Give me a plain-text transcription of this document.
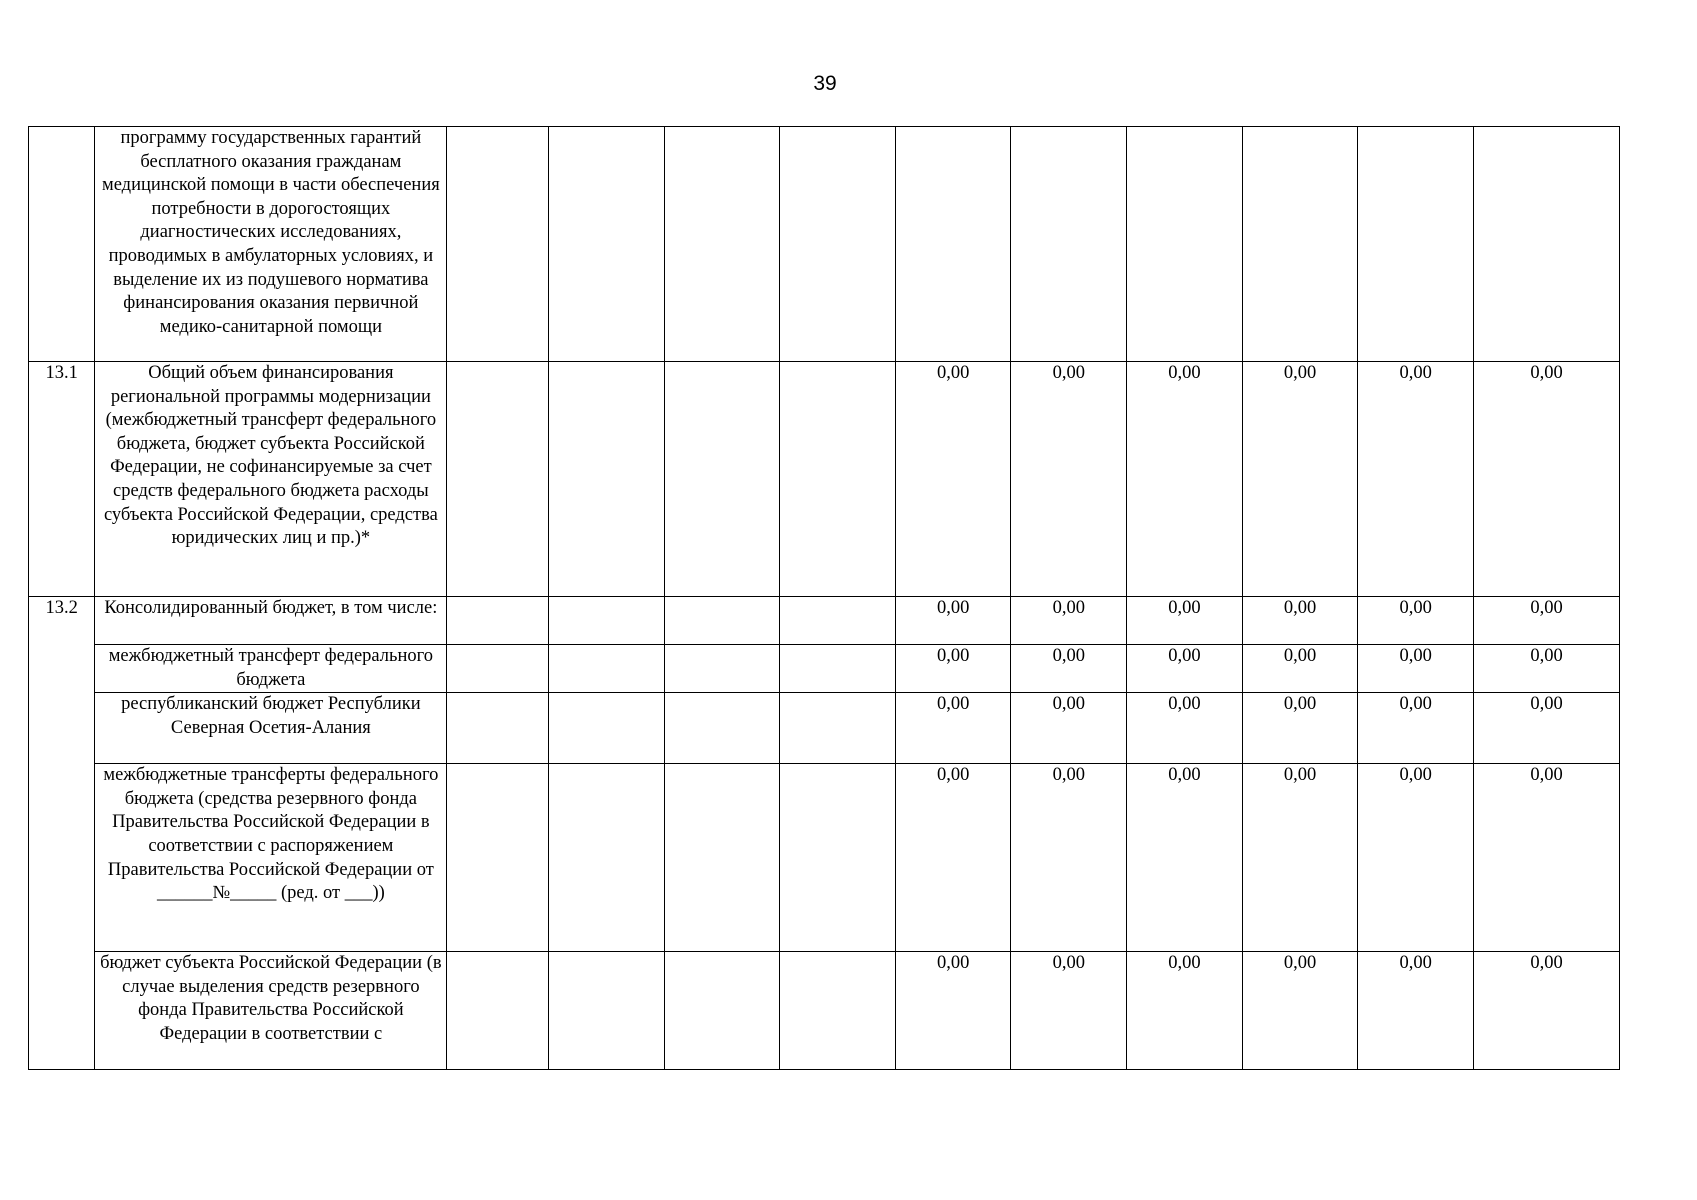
39
	программу государственных гарантий бесплатного оказания гражданам медицинской помощи в части обеспечения потребности в дорогостоящих диагностических исследованиях, проводимых в амбулаторных условиях, и выделение их из подушевого норматива финансирования оказания первичной медико-санитарной помощи										
13.1	Общий объем финансирования региональной программы модернизации (межбюджетный трансферт федерального бюджета, бюджет субъекта Российской Федерации, не софинансируемые за счет средств федерального бюджета расходы субъекта Российской Федерации, средства юридических лиц и пр.)*					0,00	0,00	0,00	0,00	0,00	0,00
13.2	Консолидированный бюджет, в том числе:					0,00	0,00	0,00	0,00	0,00	0,00
	межбюджетный трансферт федерального бюджета					0,00	0,00	0,00	0,00	0,00	0,00
	республиканский бюджет Республики Северная Осетия-Алания					0,00	0,00	0,00	0,00	0,00	0,00
	межбюджетные трансферты федерального бюджета (средства резервного фонда Правительства Российской Федерации в соответствии с распоряжением Правительства Российской Федерации от ______№_____ (ред. от ___))					0,00	0,00	0,00	0,00	0,00	0,00
	бюджет субъекта Российской Федерации (в случае выделения средств резервного фонда Правительства Российской Федерации в соответствии с					0,00	0,00	0,00	0,00	0,00	0,00
